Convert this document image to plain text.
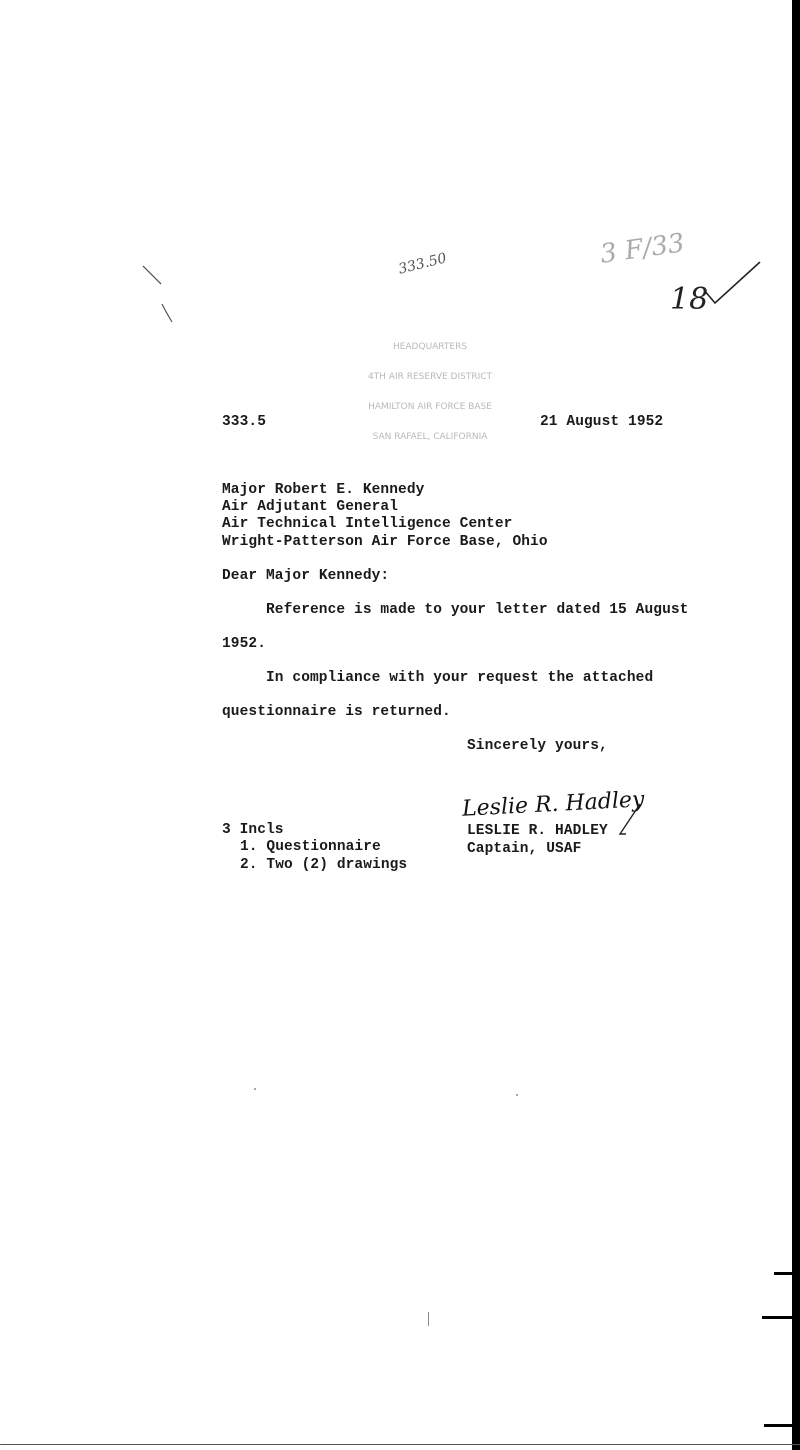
333.50	3 F/33
18

HEADQUARTERS

4TH AIR RESERVE DISTRICT

HAMILTON AIR FORCE BASE

SAN RAFAEL, CALIFORNIA

333.5	21 August 1952
Major Robert E. Kennedy
Air Adjutant General
Air Technical Intelligence Center
Wright-Patterson Air Force Base, Ohio
Dear Major Kennedy:
Reference is made to your letter dated 15 August
1952.
In compliance with your request the attached
questionnaire is returned.
Sincerely yours,
Leslie R. Hadley
LESLIE R. HADLEY
Captain, USAF
3 Incls
1. Questionnaire
2. Two (2) drawings
